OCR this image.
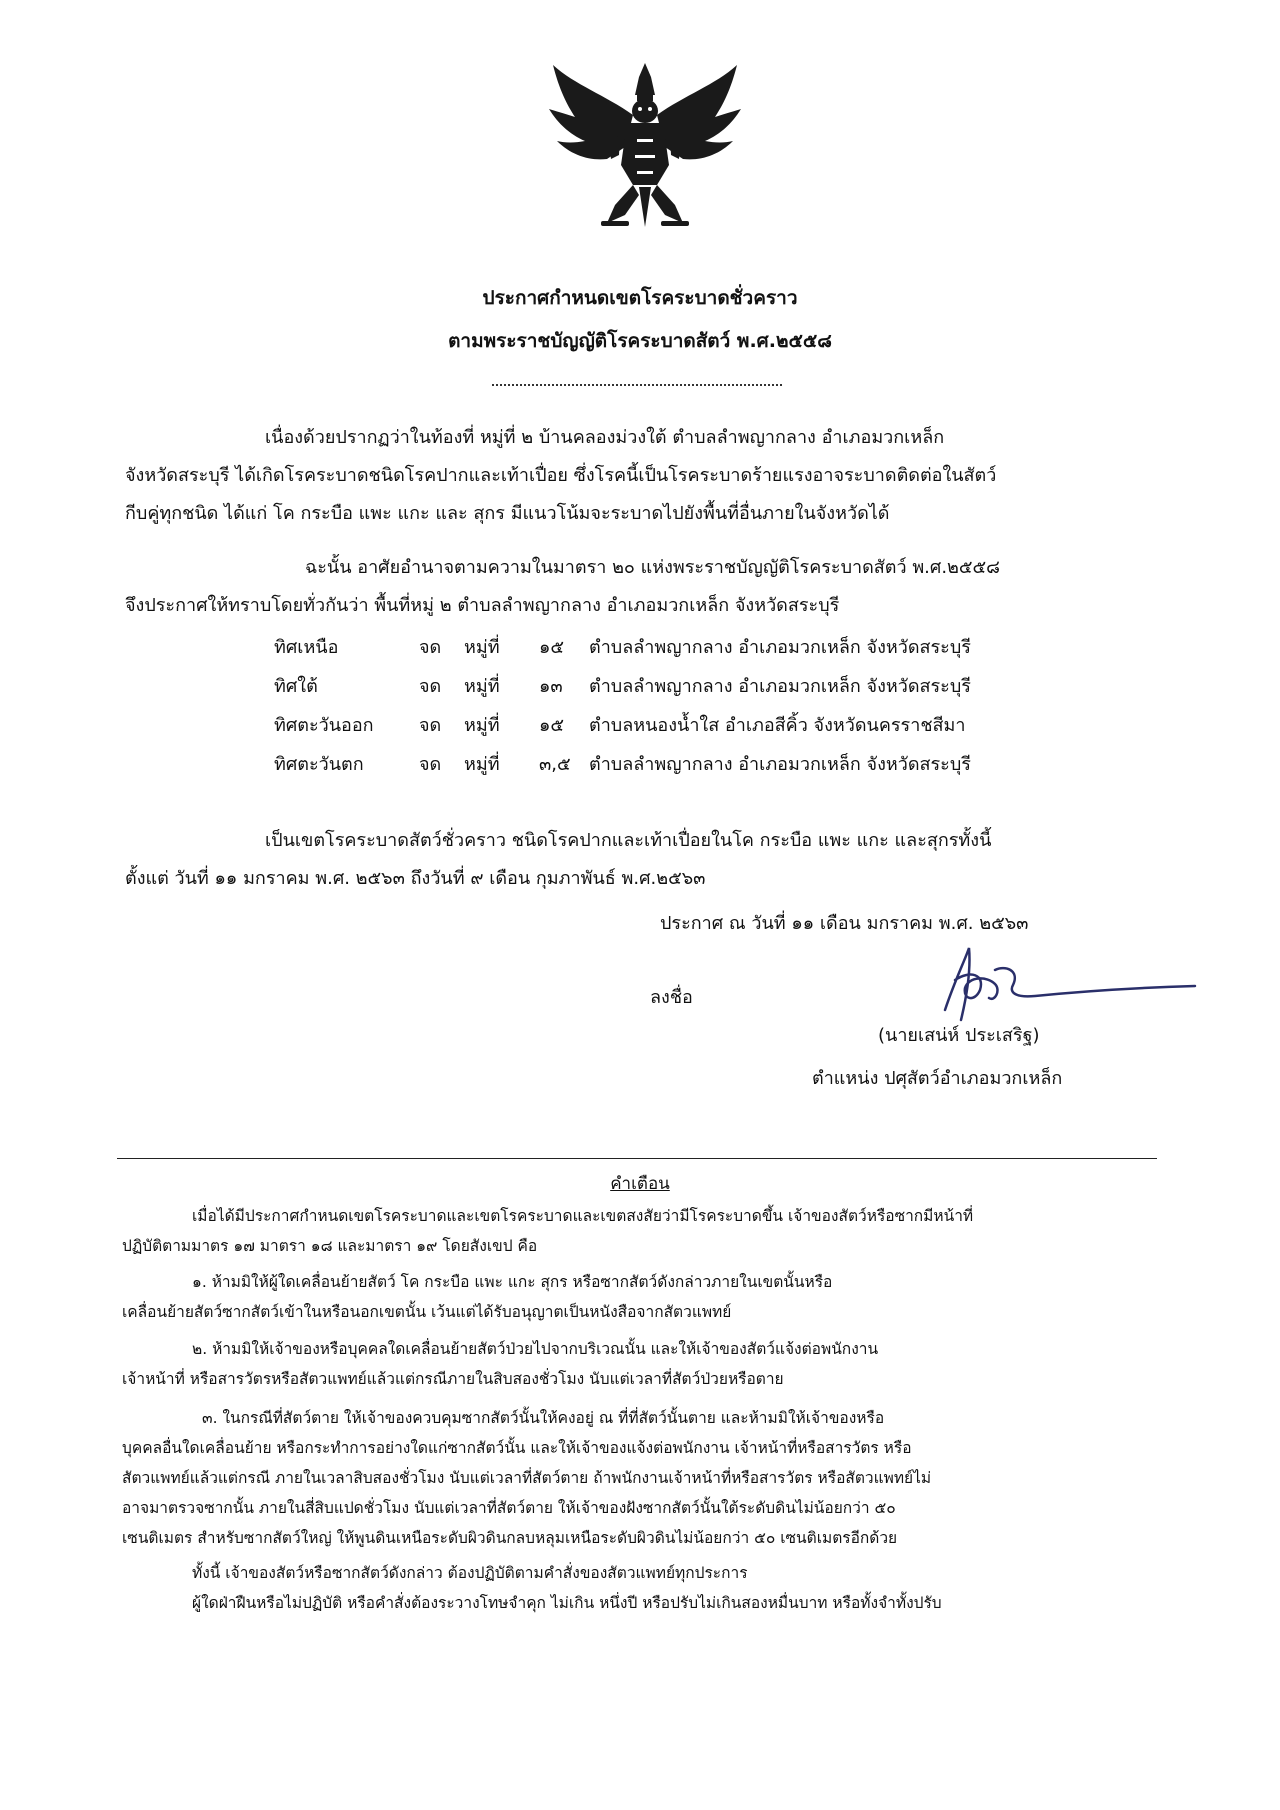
ประกาศกำหนดเขตโรคระบาดชั่วคราว
ตามพระราชบัญญัติโรคระบาดสัตว์ พ.ศ.๒๕๕๘
เนื่องด้วยปรากฏว่าในท้องที่ หมู่ที่ ๒ บ้านคลองม่วงใต้ ตำบลลำพญากลาง อำเภอมวกเหล็ก
จังหวัดสระบุรี ได้เกิดโรคระบาดชนิดโรคปากและเท้าเปื่อย ซึ่งโรคนี้เป็นโรคระบาดร้ายแรงอาจระบาดติดต่อในสัตว์
กีบคู่ทุกชนิด ได้แก่ โค กระบือ แพะ แกะ และ สุกร มีแนวโน้มจะระบาดไปยังพื้นที่อื่นภายในจังหวัดได้
ฉะนั้น อาศัยอำนาจตามความในมาตรา ๒๐ แห่งพระราชบัญญัติโรคระบาดสัตว์ พ.ศ.๒๕๕๘
จึงประกาศให้ทราบโดยทั่วกันว่า พื้นที่หมู่ ๒ ตำบลลำพญากลาง อำเภอมวกเหล็ก จังหวัดสระบุรี
ทิศเหนือ	จด หมู่ที่ ๑๕ ตำบลลำพญากลาง อำเภอมวกเหล็ก จังหวัดสระบุรี
ทิศใต้	จด หมู่ที่ ๑๓ ตำบลลำพญากลาง อำเภอมวกเหล็ก จังหวัดสระบุรี
ทิศตะวันออก	จด หมู่ที่ ๑๕ ตำบลหนองน้ำใส อำเภอสีคิ้ว จังหวัดนครราชสีมา
ทิศตะวันตก	จด หมู่ที่ ๓,๕ ตำบลลำพญากลาง อำเภอมวกเหล็ก จังหวัดสระบุรี
เป็นเขตโรคระบาดสัตว์ชั่วคราว ชนิดโรคปากและเท้าเปื่อยในโค กระบือ แพะ แกะ และสุกรทั้งนี้
ตั้งแต่ วันที่ ๑๑ มกราคม พ.ศ. ๒๕๖๓ ถึงวันที่ ๙ เดือน กุมภาพันธ์ พ.ศ.๒๕๖๓
ประกาศ ณ วันที่ ๑๑ เดือน มกราคม พ.ศ. ๒๕๖๓
ลงชื่อ
(นายเสน่ห์ ประเสริฐ)
ตำแหน่ง ปศุสัตว์อำเภอมวกเหล็ก
คำเตือน
เมื่อได้มีประกาศกำหนดเขตโรคระบาดและเขตโรคระบาดและเขตสงสัยว่ามีโรคระบาดขึ้น เจ้าของสัตว์หรือซากมีหน้าที่
ปฏิบัติตามมาตร ๑๗ มาตรา ๑๘ และมาตรา ๑๙ โดยสังเขป คือ
๑. ห้ามมิให้ผู้ใดเคลื่อนย้ายสัตว์ โค กระบือ แพะ แกะ สุกร หรือซากสัตว์ดังกล่าวภายในเขตนั้นหรือ
เคลื่อนย้ายสัตว์ซากสัตว์เข้าในหรือนอกเขตนั้น เว้นแต่ได้รับอนุญาตเป็นหนังสือจากสัตวแพทย์
๒. ห้ามมิให้เจ้าของหรือบุคคลใดเคลื่อนย้ายสัตว์ป่วยไปจากบริเวณนั้น และให้เจ้าของสัตว์แจ้งต่อพนักงาน
เจ้าหน้าที่ หรือสารวัตรหรือสัตวแพทย์แล้วแต่กรณีภายในสิบสองชั่วโมง นับแต่เวลาที่สัตว์ป่วยหรือตาย
๓. ในกรณีที่สัตว์ตาย ให้เจ้าของควบคุมซากสัตว์นั้นให้คงอยู่ ณ ที่ที่สัตว์นั้นตาย และห้ามมิให้เจ้าของหรือ
บุคคลอื่นใดเคลื่อนย้าย หรือกระทำการอย่างใดแก่ซากสัตว์นั้น และให้เจ้าของแจ้งต่อพนักงาน เจ้าหน้าที่หรือสารวัตร หรือ
สัตวแพทย์แล้วแต่กรณี ภายในเวลาสิบสองชั่วโมง นับแต่เวลาที่สัตว์ตาย ถ้าพนักงานเจ้าหน้าที่หรือสารวัตร หรือสัตวแพทย์ไม่
อาจมาตรวจซากนั้น ภายในสี่สิบแปดชั่วโมง นับแต่เวลาที่สัตว์ตาย ให้เจ้าของฝังซากสัตว์นั้นใต้ระดับดินไม่น้อยกว่า ๕๐
เซนติเมตร สำหรับซากสัตว์ใหญ่ ให้พูนดินเหนือระดับผิวดินกลบหลุมเหนือระดับผิวดินไม่น้อยกว่า ๕๐ เซนติเมตรอีกด้วย
ทั้งนี้ เจ้าของสัตว์หรือซากสัตว์ดังกล่าว ต้องปฏิบัติตามคำสั่งของสัตวแพทย์ทุกประการ
ผู้ใดฝ่าฝืนหรือไม่ปฏิบัติ หรือคำสั่งต้องระวางโทษจำคุก ไม่เกิน หนึ่งปี หรือปรับไม่เกินสองหมื่นบาท หรือทั้งจำทั้งปรับ
